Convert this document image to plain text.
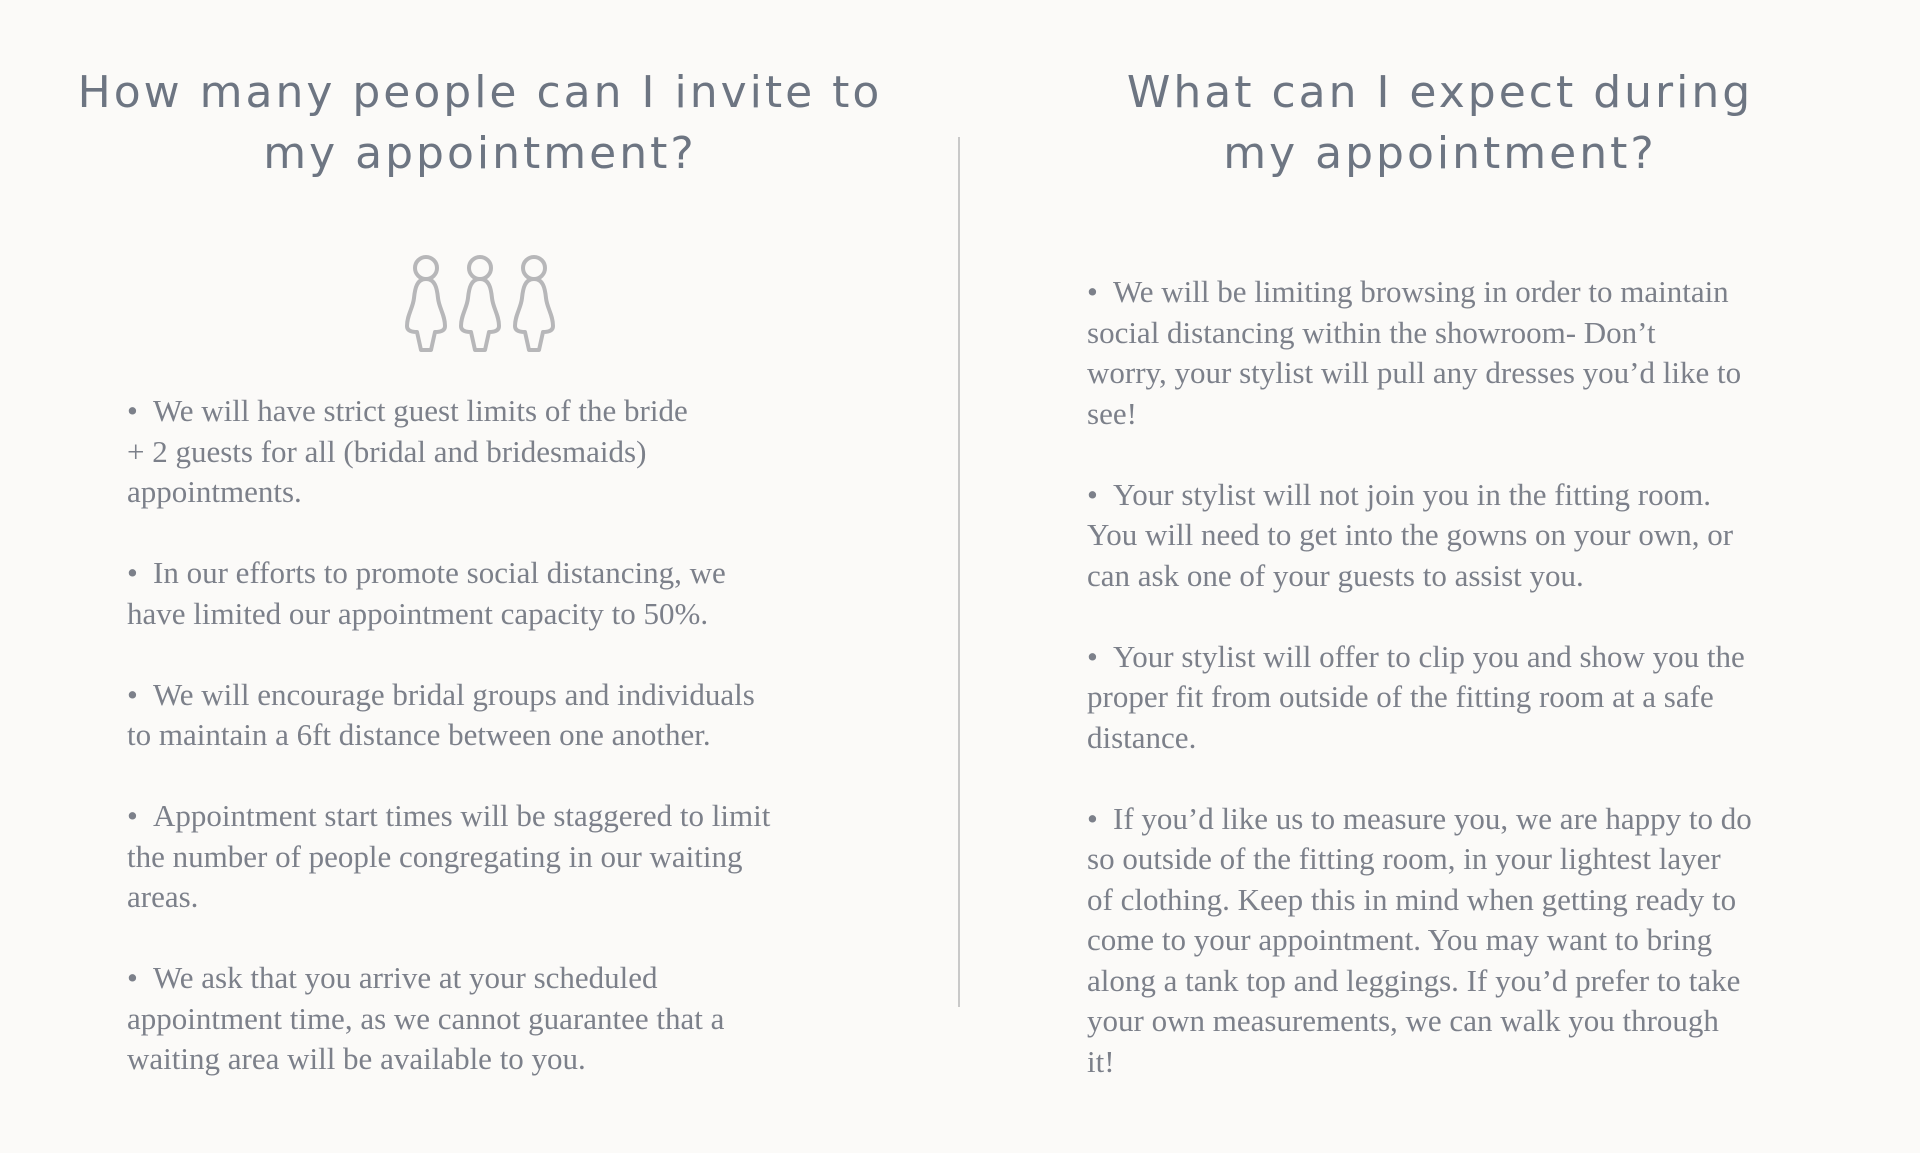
How many people can I invite to
my appointment?
What can I expect during
my appointment?
• We will have strict guest limits of the bride
+ 2 guests for all (bridal and bridesmaids)
appointments.
• In our efforts to promote social distancing, we
have limited our appointment capacity to 50%.
• We will encourage bridal groups and individuals
to maintain a 6ft distance between one another.
• Appointment start times will be staggered to limit
the number of people congregating in our waiting
areas.
• We ask that you arrive at your scheduled
appointment time, as we cannot guarantee that a
waiting area will be available to you.
• We will be limiting browsing in order to maintain
social distancing within the showroom- Don’t
worry, your stylist will pull any dresses you’d like to
see!
• Your stylist will not join you in the fitting room.
You will need to get into the gowns on your own, or
can ask one of your guests to assist you.
• Your stylist will offer to clip you and show you the
proper fit from outside of the fitting room at a safe
distance.
• If you’d like us to measure you, we are happy to do
so outside of the fitting room, in your lightest layer
of clothing. Keep this in mind when getting ready to
come to your appointment. You may want to bring
along a tank top and leggings. If you’d prefer to take
your own measurements, we can walk you through
it!
